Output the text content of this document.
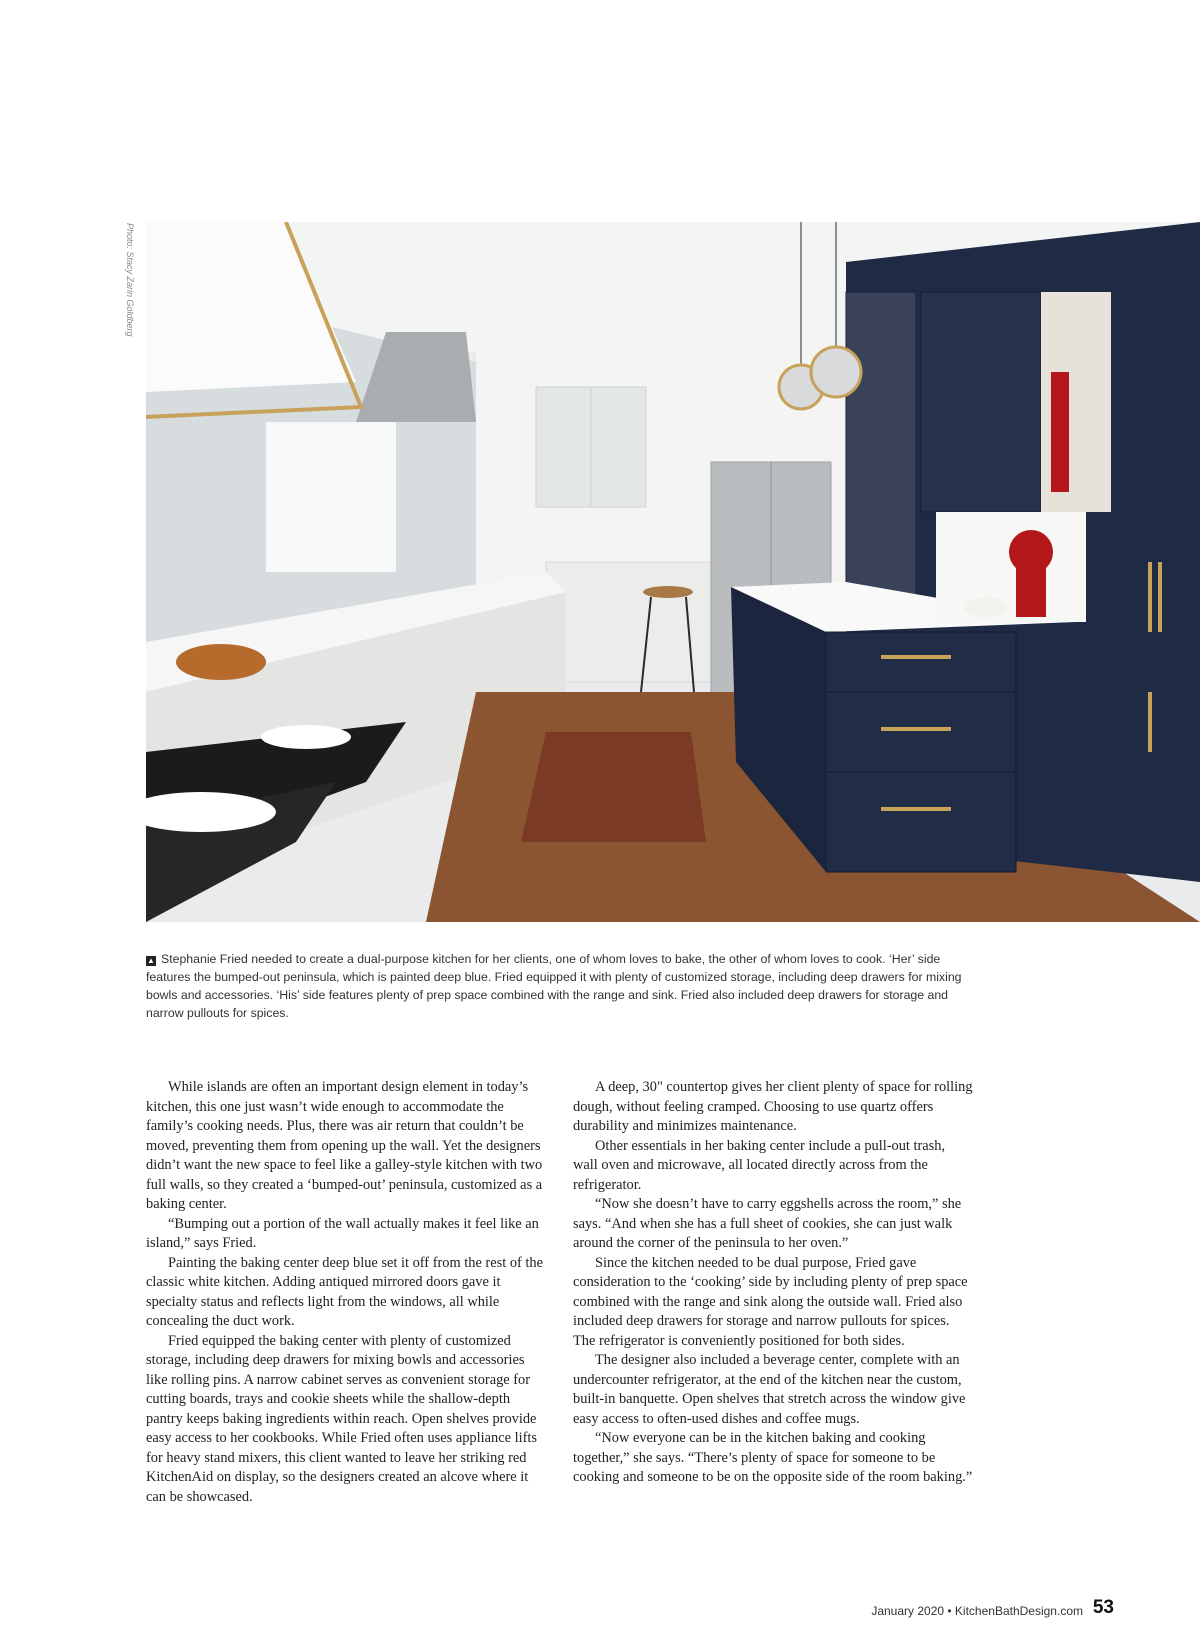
Photo: Stacy Zarin Goldberg
▲ Stephanie Fried needed to create a dual-purpose kitchen for her clients, one of whom loves to bake, the other of whom loves to cook. ‘Her’ side features the bumped-out peninsula, which is painted deep blue. Fried equipped it with plenty of customized storage, including deep drawers for mixing bowls and accessories. ‘His’ side features plenty of prep space combined with the range and sink. Fried also included deep drawers for storage and narrow pullouts for spices.

While islands are often an important design element in today’s kitchen, this one just wasn’t wide enough to accommodate the family’s cooking needs. Plus, there was air return that couldn’t be moved, preventing them from opening up the wall. Yet the designers didn’t want the new space to feel like a galley-style kitchen with two full walls, so they created a ‘bumped-out’ peninsula, customized as a baking center.

“Bumping out a portion of the wall actually makes it feel like an island,” says Fried.

Painting the baking center deep blue set it off from the rest of the classic white kitchen. Adding antiqued mirrored doors gave it specialty status and reflects light from the windows, all while concealing the duct work.

Fried equipped the baking center with plenty of customized storage, including deep drawers for mixing bowls and accessories like rolling pins. A narrow cabinet serves as convenient storage for cutting boards, trays and cookie sheets while the shallow-depth pantry keeps baking ingredients within reach. Open shelves provide easy access to her cookbooks. While Fried often uses appliance lifts for heavy stand mixers, this client wanted to leave her striking red KitchenAid on display, so the designers created an alcove where it can be showcased.

A deep, 30" countertop gives her client plenty of space for rolling dough, without feeling cramped. Choosing to use quartz offers durability and minimizes maintenance.

Other essentials in her baking center include a pull-out trash, wall oven and microwave, all located directly across from the refrigerator.

“Now she doesn’t have to carry eggshells across the room,” she says. “And when she has a full sheet of cookies, she can just walk around the corner of the peninsula to her oven.”

Since the kitchen needed to be dual purpose, Fried gave consideration to the ‘cooking’ side by including plenty of prep space combined with the range and sink along the outside wall. Fried also included deep drawers for storage and narrow pullouts for spices. The refrigerator is conveniently positioned for both sides.

The designer also included a beverage center, complete with an undercounter refrigerator, at the end of the kitchen near the custom, built-in banquette. Open shelves that stretch across the window give easy access to often-used dishes and coffee mugs.

“Now everyone can be in the kitchen baking and cooking together,” she says. “There’s plenty of space for someone to be cooking and someone to be on the opposite side of the room baking.”

January 2020 • KitchenBathDesign.com 53
